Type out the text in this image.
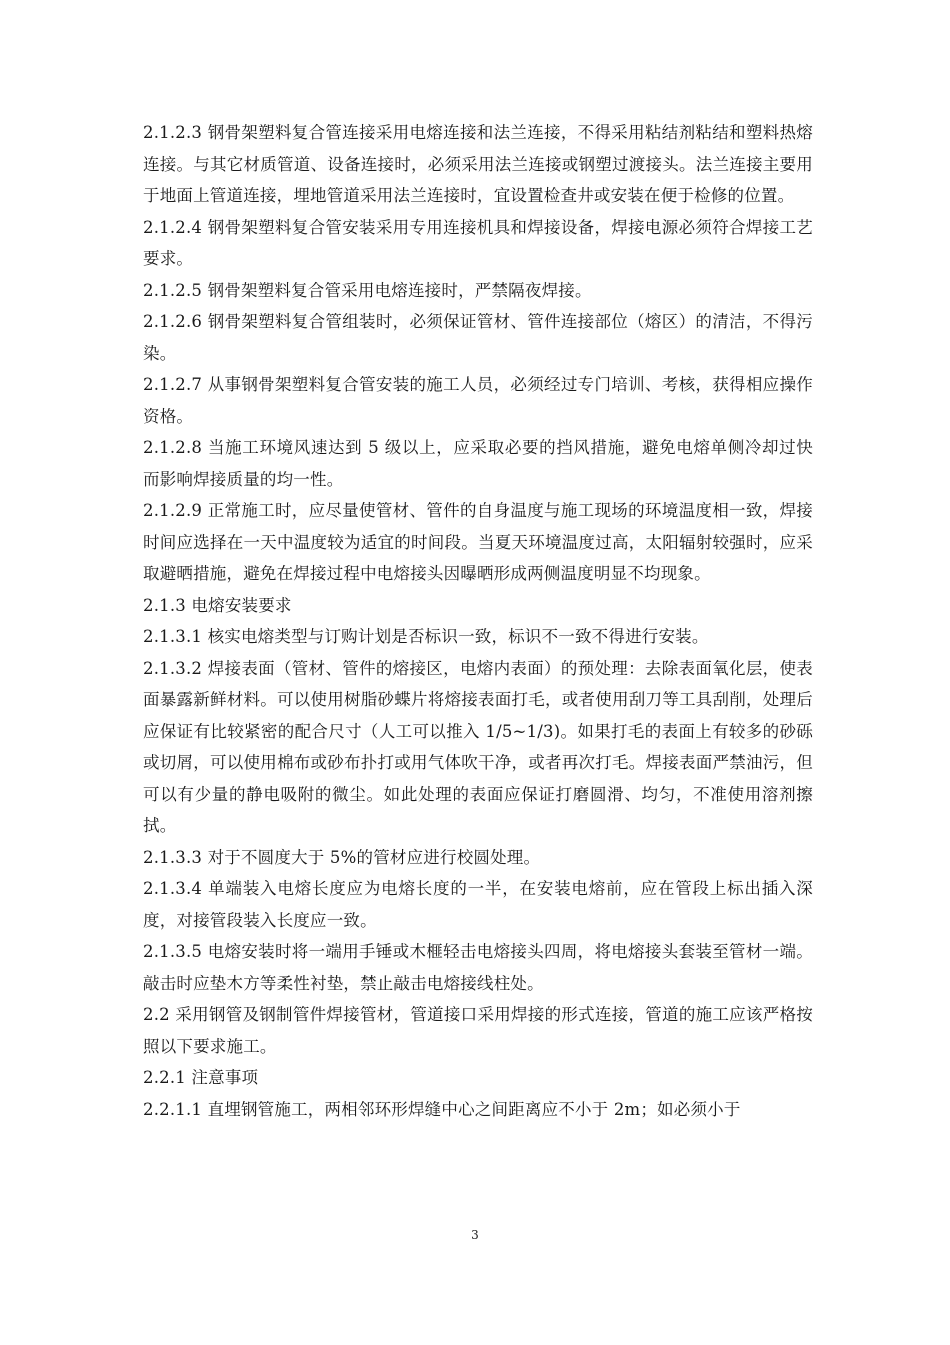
2.1.2.3 钢骨架塑料复合管连接采用电熔连接和法兰连接，不得采用粘结剂粘结和塑料热熔连接。与其它材质管道、设备连接时，必须采用法兰连接或钢塑过渡接头。法兰连接主要用于地面上管道连接，埋地管道采用法兰连接时，宜设置检查井或安装在便于检修的位置。

2.1.2.4 钢骨架塑料复合管安装采用专用连接机具和焊接设备，焊接电源必须符合焊接工艺要求。

2.1.2.5 钢骨架塑料复合管采用电熔连接时，严禁隔夜焊接。

2.1.2.6 钢骨架塑料复合管组装时，必须保证管材、管件连接部位（熔区）的清洁，不得污染。

2.1.2.7 从事钢骨架塑料复合管安装的施工人员，必须经过专门培训、考核，获得相应操作资格。

2.1.2.8 当施工环境风速达到 5 级以上，应采取必要的挡风措施，避免电熔单侧冷却过快而影响焊接质量的均一性。

2.1.2.9 正常施工时，应尽量使管材、管件的自身温度与施工现场的环境温度相一致，焊接时间应选择在一天中温度较为适宜的时间段。当夏天环境温度过高，太阳辐射较强时，应采取避晒措施，避免在焊接过程中电熔接头因曝晒形成两侧温度明显不均现象。

2.1.3 电熔安装要求

2.1.3.1 核实电熔类型与订购计划是否标识一致，标识不一致不得进行安装。

2.1.3.2 焊接表面（管材、管件的熔接区，电熔内表面）的预处理：去除表面氧化层，使表面暴露新鲜材料。可以使用树脂砂蝶片将熔接表面打毛，或者使用刮刀等工具刮削，处理后应保证有比较紧密的配合尺寸（人工可以推入 1/5~1/3)。如果打毛的表面上有较多的砂砾或切屑，可以使用棉布或砂布扑打或用气体吹干净，或者再次打毛。焊接表面严禁油污，但可以有少量的静电吸附的微尘。如此处理的表面应保证打磨圆滑、均匀，不准使用溶剂擦拭。

2.1.3.3 对于不圆度大于 5%的管材应进行校圆处理。

2.1.3.4 单端装入电熔长度应为电熔长度的一半，在安装电熔前，应在管段上标出插入深度，对接管段装入长度应一致。

2.1.3.5 电熔安装时将一端用手锤或木榧轻击电熔接头四周，将电熔接头套装至管材一端。敲击时应垫木方等柔性衬垫，禁止敲击电熔接线柱处。

2.2 采用钢管及钢制管件焊接管材，管道接口采用焊接的形式连接，管道的施工应该严格按照以下要求施工。

2.2.1 注意事项

2.2.1.1 直埋钢管施工，两相邻环形焊缝中心之间距离应不小于 2m；如必须小于

3
